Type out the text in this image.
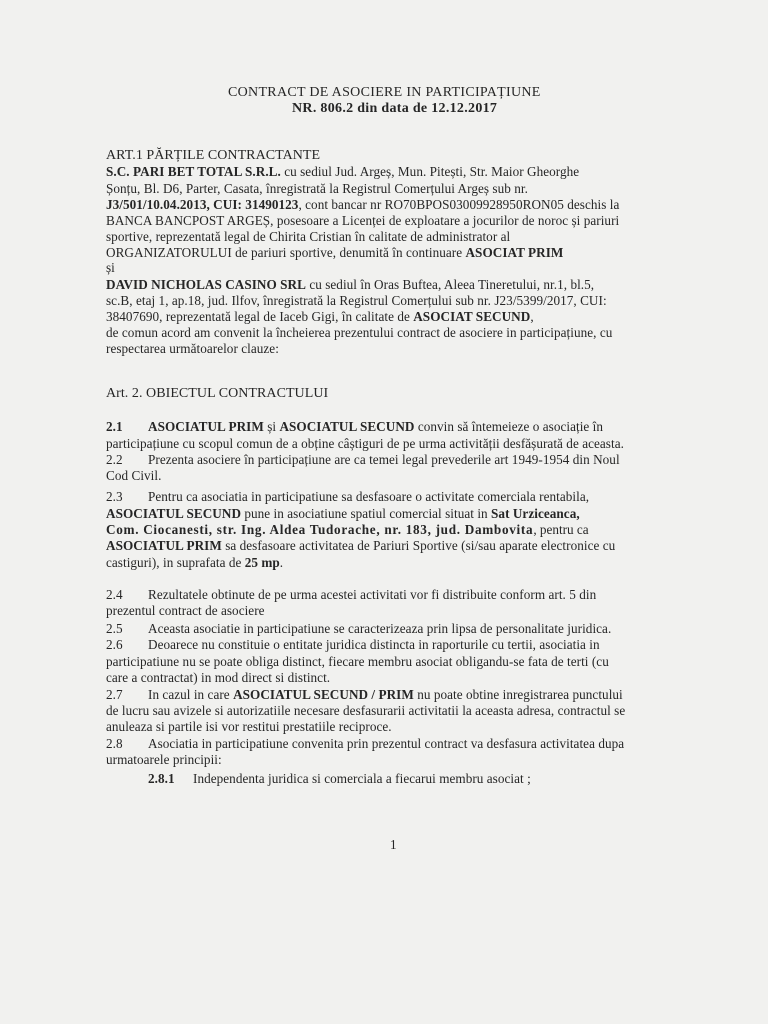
CONTRACT DE ASOCIERE IN PARTICIPAȚIUNE
NR. 806.2 din data de 12.12.2017
ART.1 PĂRȚILE CONTRACTANTE
S.C. PARI BET TOTAL S.R.L. cu sediul Jud. Argeș, Mun. Pitești, Str. Maior Gheorghe
Șonțu, Bl. D6, Parter, Casata, înregistrată la Registrul Comerțului Argeș sub nr.
J3/501/10.04.2013, CUI: 31490123, cont bancar nr RO70BPOS03009928950RON05 deschis la
BANCA BANCPOST ARGEȘ, posesoare a Licenței de exploatare a jocurilor de noroc și pariuri
sportive, reprezentată legal de Chirita Cristian în calitate de administrator al
ORGANIZATORULUI de pariuri sportive, denumită în continuare ASOCIAT PRIM
și
DAVID NICHOLAS CASINO SRL cu sediul în Oras Buftea, Aleea Tineretului, nr.1, bl.5,
sc.B, etaj 1, ap.18, jud. Ilfov, înregistrată la Registrul Comerțului sub nr. J23/5399/2017, CUI:
38407690, reprezentată legal de Iaceb Gigi, în calitate de ASOCIAT SECUND,
de comun acord am convenit la încheierea prezentului contract de asociere in participațiune, cu
respectarea următoarelor clauze:
Art. 2. OBIECTUL CONTRACTULUI
2.1 ASOCIATUL PRIM și ASOCIATUL SECUND convin să întemeieze o asociație în
participațiune cu scopul comun de a obține câștiguri de pe urma activității desfășurată de aceasta.
2.2 Prezenta asociere în participațiune are ca temei legal prevederile art 1949-1954 din Noul
Cod Civil.
2.3 Pentru ca asociatia in participatiune sa desfasoare o activitate comerciala rentabila,
ASOCIATUL SECUND pune in asociatiune spatiul comercial situat in Sat Urziceanca,
Com. Ciocanesti, str. Ing. Aldea Tudorache, nr. 183, jud. Dambovita, pentru ca
ASOCIATUL PRIM sa desfasoare activitatea de Pariuri Sportive (si/sau aparate electronice cu
castiguri), in suprafata de 25 mp.
2.4 Rezultatele obtinute de pe urma acestei activitati vor fi distribuite conform art. 5 din
prezentul contract de asociere
2.5 Aceasta asociatie in participatiune se caracterizeaza prin lipsa de personalitate juridica.
2.6 Deoarece nu constituie o entitate juridica distincta in raporturile cu tertii, asociatia in
participatiune nu se poate obliga distinct, fiecare membru asociat obligandu-se fata de terti (cu
care a contractat) in mod direct si distinct.
2.7 In cazul in care ASOCIATUL SECUND / PRIM nu poate obtine inregistrarea punctului
de lucru sau avizele si autorizatiile necesare desfasurarii activitatii la aceasta adresa, contractul se
anuleaza si partile isi vor restitui prestatiile reciproce.
2.8 Asociatia in participatiune convenita prin prezentul contract va desfasura activitatea dupa
urmatoarele principii:
2.8.1 Independenta juridica si comerciala a fiecarui membru asociat ;
1
